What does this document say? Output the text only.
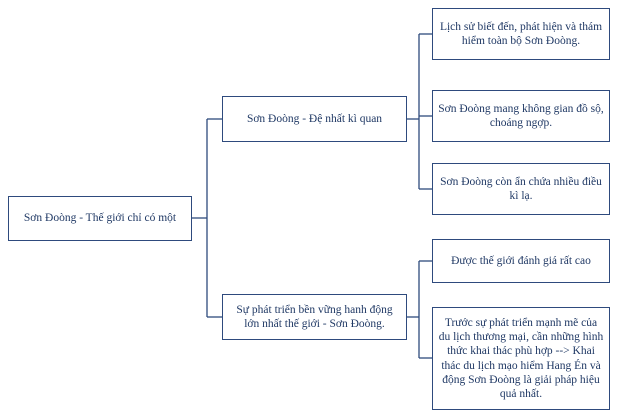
Sơn Đoòng - Thế giới chỉ có một
Sơn Đoòng - Đệ nhất kì quan
Sự phát triển bền vững hanh động lớn nhất thế giới - Sơn Đoòng.
Lịch sử biết đến, phát hiện và thám hiểm toàn bộ Sơn Đoòng.
Sơn Đoòng mang không gian đồ sộ, choáng ngợp.
Sơn Đoòng còn ẩn chứa nhiều điều kì lạ.
Được thế giới đánh giá rất cao
Trước sự phát triển mạnh mẽ của du lịch thương mại, cần những hình thức khai thác phù hợp --> Khai thác du lịch mạo hiểm Hang Én và động Sơn Đoòng là giải pháp hiệu quả nhất.
